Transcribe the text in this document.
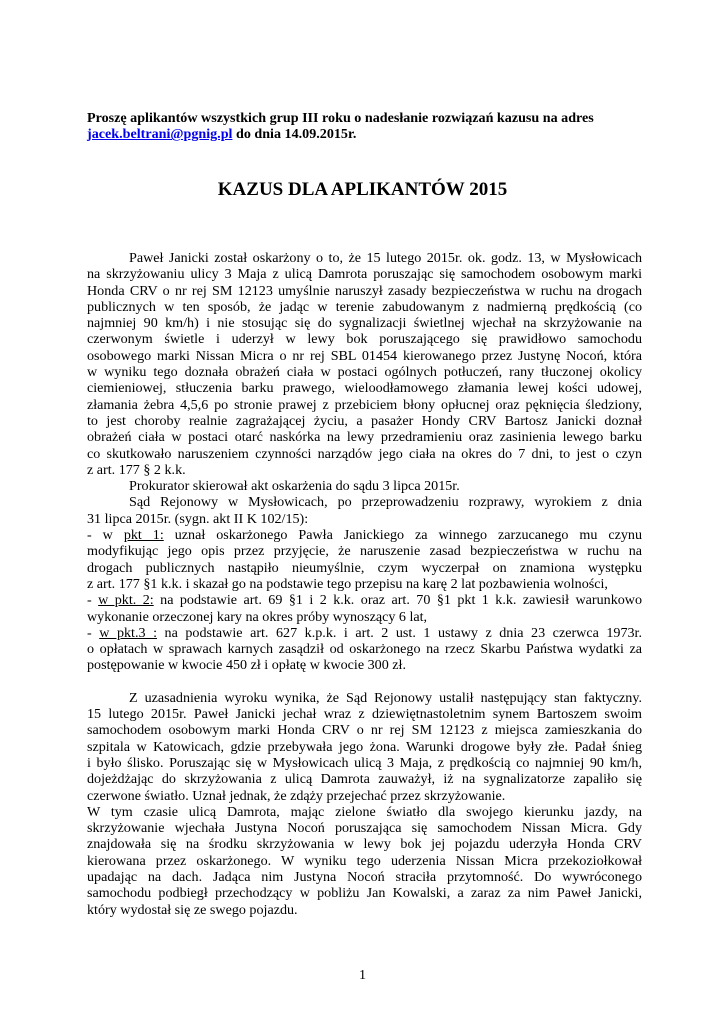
Proszę aplikantów wszystkich grup III roku o nadesłanie rozwiązań kazusu na adres
jacek.beltrani@pgnig.pl do dnia 14.09.2015r.
KAZUS DLA APLIKANTÓW 2015
Paweł Janicki został oskarżony o to, że 15 lutego 2015r. ok. godz. 13, w Mysłowicach
na skrzyżowaniu ulicy 3 Maja z ulicą Damrota poruszając się samochodem osobowym marki
Honda CRV o nr rej SM 12123 umyślnie naruszył zasady bezpieczeństwa w ruchu na drogach
publicznych w ten sposób, że jadąc w terenie zabudowanym z nadmierną prędkością (co
najmniej 90 km/h) i nie stosując się do sygnalizacji świetlnej wjechał na skrzyżowanie na
czerwonym świetle i uderzył w lewy bok poruszającego się prawidłowo samochodu
osobowego marki Nissan Micra o nr rej SBL 01454 kierowanego przez Justynę Nocoń, która
w wyniku tego doznała obrażeń ciała w postaci ogólnych potłuczeń, rany tłuczonej okolicy
ciemieniowej, stłuczenia barku prawego, wieloodłamowego złamania lewej kości udowej,
złamania żebra 4,5,6 po stronie prawej z przebiciem błony opłucnej oraz pęknięcia śledziony,
to jest choroby realnie zagrażającej życiu, a pasażer Hondy CRV Bartosz Janicki doznał
obrażeń ciała w postaci otarć naskórka na lewy przedramieniu oraz zasinienia lewego barku
co skutkowało naruszeniem czynności narządów jego ciała na okres do 7 dni, to jest o czyn
z art. 177 § 2 k.k.
Prokurator skierował akt oskarżenia do sądu 3 lipca 2015r.
Sąd Rejonowy w Mysłowicach, po przeprowadzeniu rozprawy, wyrokiem z dnia
31 lipca 2015r. (sygn. akt II K 102/15):
- w pkt 1: uznał oskarżonego Pawła Janickiego za winnego zarzucanego mu czynu
modyfikując jego opis przez przyjęcie, że naruszenie zasad bezpieczeństwa w ruchu na
drogach publicznych nastąpiło nieumyślnie, czym wyczerpał on znamiona występku
z art. 177 §1 k.k. i skazał go na podstawie tego przepisu na karę 2 lat pozbawienia wolności,
- w pkt. 2: na podstawie art. 69 §1 i 2 k.k. oraz art. 70 §1 pkt 1 k.k. zawiesił warunkowo
wykonanie orzeczonej kary na okres próby wynoszący 6 lat,
- w pkt.3 : na podstawie art. 627 k.p.k. i art. 2 ust. 1 ustawy z dnia 23 czerwca 1973r.
o opłatach w sprawach karnych zasądził od oskarżonego na rzecz Skarbu Państwa wydatki za
postępowanie w kwocie 450 zł i opłatę w kwocie 300 zł.
Z uzasadnienia wyroku wynika, że Sąd Rejonowy ustalił następujący stan faktyczny.
15 lutego 2015r. Paweł Janicki jechał wraz z dziewiętnastoletnim synem Bartoszem swoim
samochodem osobowym marki Honda CRV o nr rej SM 12123 z miejsca zamieszkania do
szpitala w Katowicach, gdzie przebywała jego żona. Warunki drogowe były złe. Padał śnieg
i było ślisko. Poruszając się w Mysłowicach ulicą 3 Maja, z prędkością co najmniej 90 km/h,
dojeżdżając do skrzyżowania z ulicą Damrota zauważył, iż na sygnalizatorze zapaliło się
czerwone światło. Uznał jednak, że zdąży przejechać przez skrzyżowanie.
W tym czasie ulicą Damrota, mając zielone światło dla swojego kierunku jazdy, na
skrzyżowanie wjechała Justyna Nocoń poruszająca się samochodem Nissan Micra. Gdy
znajdowała się na środku skrzyżowania w lewy bok jej pojazdu uderzyła Honda CRV
kierowana przez oskarżonego. W wyniku tego uderzenia Nissan Micra przekoziołkował
upadając na dach. Jadąca nim Justyna Nocoń straciła przytomność. Do wywróconego
samochodu podbiegł przechodzący w pobliżu Jan Kowalski, a zaraz za nim Paweł Janicki,
który wydostał się ze swego pojazdu.
1
